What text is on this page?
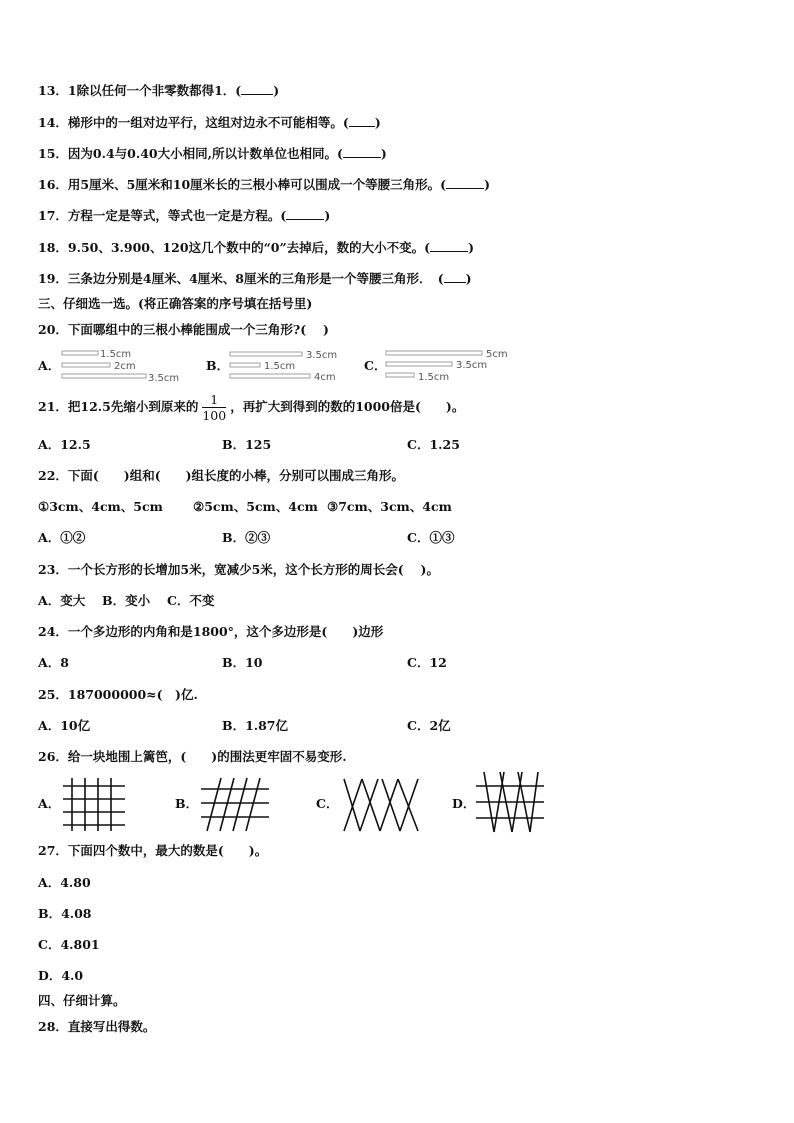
13．1除以任何一个非零数都得1．(	)
14．梯形中的一组对边平行，这组对边永不可能相等。( )
15．因为0.4与0.40大小相同,所以计数单位也相同。(	)
16．用5厘米、5厘米和10厘米长的三根小棒可以围成一个等腰三角形。(	)
17．方程一定是等式，等式也一定是方程。(	)
18．9.50、3.900、120这几个数中的“0”去掉后，数的大小不变。(	)
19．三条边分别是4厘米、4厘米、8厘米的三角形是一个等腰三角形．　( )
三、仔细选一选。(将正确答案的序号填在括号里)
20．下面哪组中的三根小棒能围成一个三角形?(　 )
A．
1.5cm
2cm
3.5cm
B．
3.5cm
1.5cm
4cm
C．
5cm
3.5cm
1.5cm
21．把12.5先缩小到原来的 $\frac{1}{100}$ ，再扩大到得到的数的1000倍是(　　)。
A．12.5	B．125	C．1.25
22．下面(　　)组和(　　)组长度的小棒，分别可以围成三角形。
①3cm、4cm、5cm ②5cm、5cm、4cm ③7cm、3cm、4cm
A．①②	B．②③	C．①③
23．一个长方形的长增加5米，宽减少5米，这个长方形的周长会(　 )。
A．变大　 B．变小　 C．不变
24．一个多边形的内角和是1800°，这个多边形是(　　)边形
A．8	B．10	C．12
25．187000000≈(　)亿.
A．10亿	B．1.87亿	C．2亿
26．给一块地围上篱笆，(　　)的围法更牢固不易变形.
A．	B．	C．	D．
27．下面四个数中，最大的数是(　　)。
A．4.80
B．4.08
C．4.801
D．4.0
四、仔细计算。
28．直接写出得数。
